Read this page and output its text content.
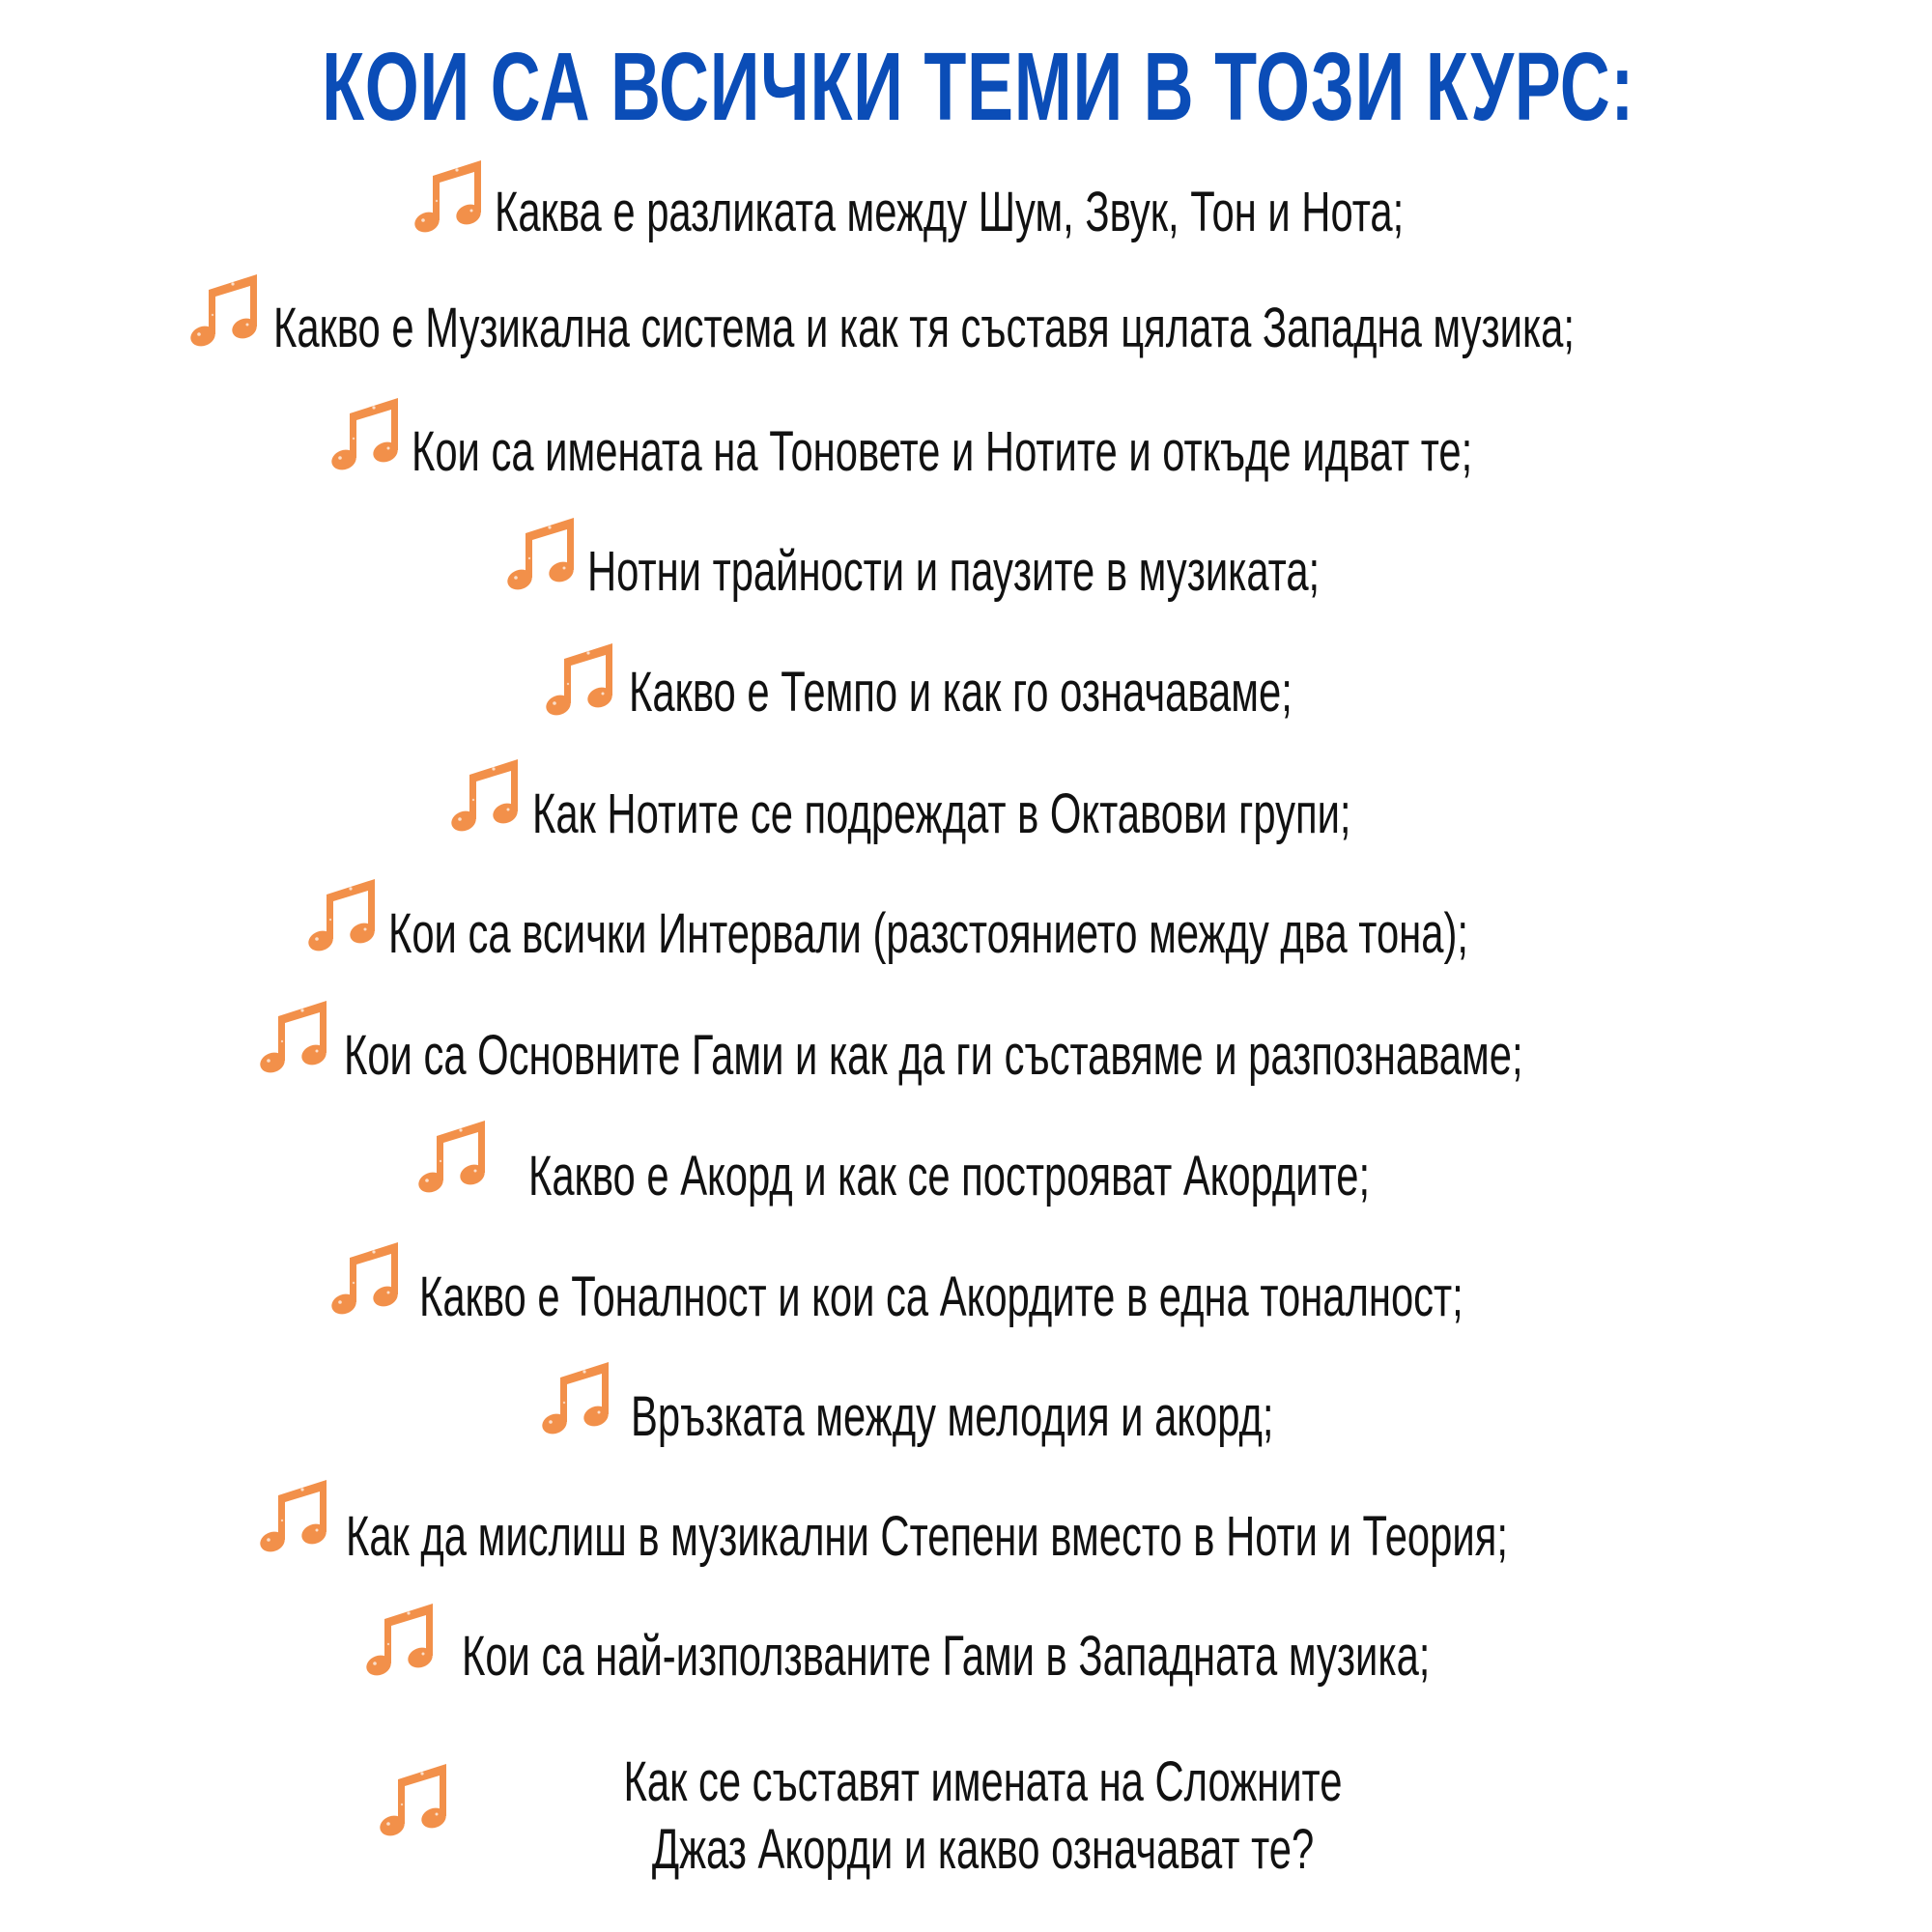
КОИ СА ВСИЧКИ ТЕМИ В ТОЗИ КУРС:
Каква е разликата между Шум, Звук, Тон и Нота;
Какво е Музикална система и как тя съставя цялата Западна музика;
Кои са имената на Тоновете и Нотите и откъде идват те;
Нотни трайности и паузите в музиката;
Какво е Темпо и как го означаваме;
Как Нотите се подреждат в Октавови групи;
Кои са всички Интервали (разстоянието между два тона);
Кои са Основните Гами и как да ги съставяме и разпознаваме;
Какво е Акорд и как се построяват Акордите;
Какво е Тоналност и кои са Акордите в една тоналност;
Връзката между мелодия и акорд;
Как да мислиш в музикални Степени вместо в Ноти и Теория;
Кои са най-използваните Гами в Западната музика;
Как се съставят имената на Сложните
Джаз Акорди и какво означават те?
